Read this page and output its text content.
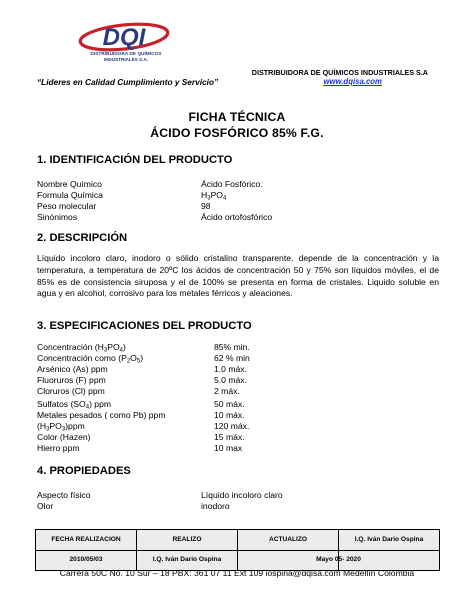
DQI
DISTRIBUIDORA DE QUÍMICOS
INDUSTRIALES S.A.
“Lideres en Calidad Cumplimiento y Servicio”
DISTRIBUIDORA DE QUÍMICOS INDUSTRIALES S.A
www.dqisa.com
FICHA TÉCNICA
ÁCIDO FOSFÓRICO 85% F.G.
1. IDENTIFICACIÓN DEL PRODUCTO
Nombre Químico	Ácido Fosfórico.
Formula Química	$H_3PO_4$
Peso molecular	98
Sinónimos	Ácido ortofosfórico
2. DESCRIPCIÓN
Líquido incoloro claro, inodoro o sólido cristalino transparente, depende de la concentración y la temperatura, a temperatura de 20ºC los ácidos de concentración 50 y 75% son líquidos móviles, el de 85% es de consistencia siruposa y el de 100% se presenta en forma de cristales. Liquido soluble en agua y en alcohol, corrosivo para los metales férricos y aleaciones.
3. ESPECIFICACIONES DEL PRODUCTO
Concentración $(H_3PO_4)$	85% min.
Concentración como $(P_2O_5)$	62 % min
Arsénico (As) ppm	1.0 máx.
Fluoruros (F) ppm	5.0 máx.
Cloruros (Cl) ppm	2 máx.
Sulfatos $(SO_4)$ ppm	50 máx.
Metales pesados ( como Pb) ppm	10 máx.
$(H_3PO_3)ppm$	120 máx.
Color (Hazen)	15 máx.
Hierro ppm	10 max
4. PROPIEDADES
Aspecto físico	Líquido incoloro claro
Olor	inodoro
FECHA REALIZACION	REALIZO	ACTUALIZO	I.Q. Iván Dario Ospina
2010/05/03	I.Q. Iván Darío Ospina	Mayo 05- 2020
Carrera 50C No. 10 Sur – 18 PBX: 361 07 11 Ext 109 iospina@dqisa.com Medellín Colombia
